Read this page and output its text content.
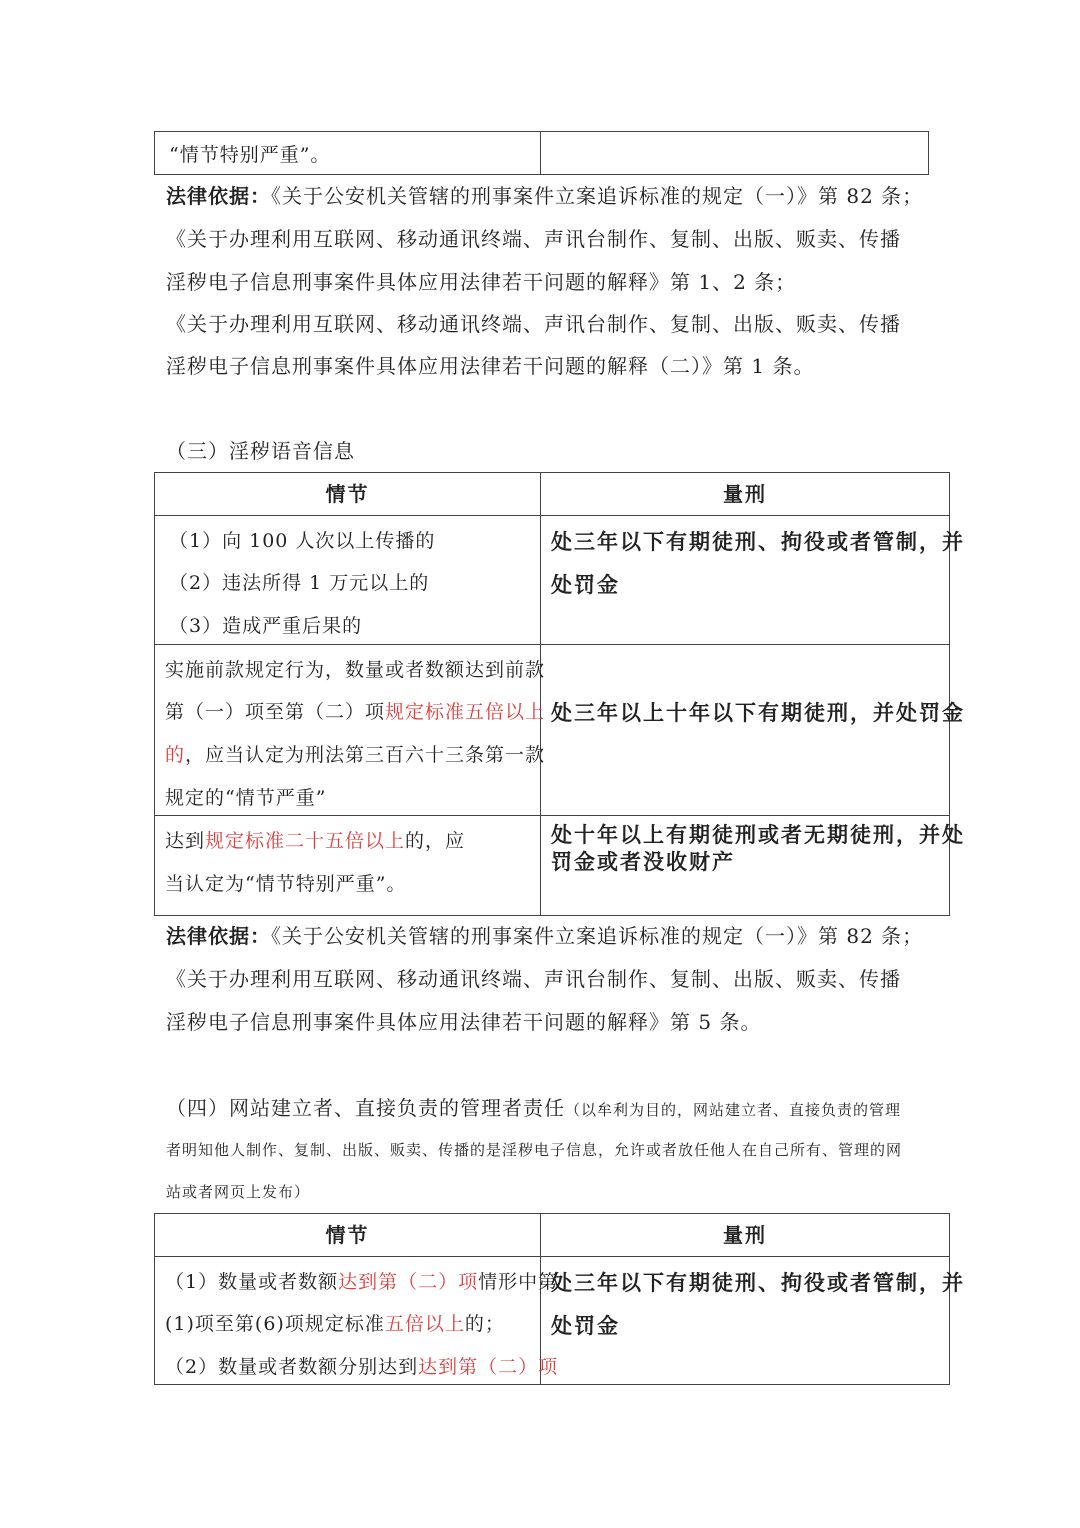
“情节特别严重”。

法律依据：《关于公安机关管辖的刑事案件立案追诉标准的规定（一）》第 82 条；
《关于办理利用互联网、移动通讯终端、声讯台制作、复制、出版、贩卖、传播
淫秽电子信息刑事案件具体应用法律若干问题的解释》第 1、2 条；
《关于办理利用互联网、移动通讯终端、声讯台制作、复制、出版、贩卖、传播
淫秽电子信息刑事案件具体应用法律若干问题的解释（二）》第 1 条。
（三）淫秽语音信息
情节	量刑

（1）向 100 人次以上传播的
（2）违法所得 1 万元以上的
（3）造成严重后果的	处三年以下有期徒刑、拘役或者管制，并
处罚金

实施前款规定行为，数量或者数额达到前款
第（一）项至第（二）项规定标准五倍以上
的，应当认定为刑法第三百六十三条第一款
规定的“情节严重”	处三年以上十年以下有期徒刑，并处罚金

达到规定标准二十五倍以上的，应
当认定为“情节特别严重”。	处十年以上有期徒刑或者无期徒刑，并处
罚金或者没收财产
法律依据：《关于公安机关管辖的刑事案件立案追诉标准的规定（一）》第 82 条；
《关于办理利用互联网、移动通讯终端、声讯台制作、复制、出版、贩卖、传播
淫秽电子信息刑事案件具体应用法律若干问题的解释》第 5 条。
（四）网站建立者、直接负责的管理者责任（以牟利为目的，网站建立者、直接负责的管理
者明知他人制作、复制、出版、贩卖、传播的是淫秽电子信息，允许或者放任他人在自己所有、管理的网
站或者网页上发布）
情节	量刑

（1）数量或者数额达到第（二）项情形中第
(1)项至第(6)项规定标准五倍以上的；
（2）数量或者数额分别达到达到第（二）项	处三年以下有期徒刑、拘役或者管制，并
处罚金
